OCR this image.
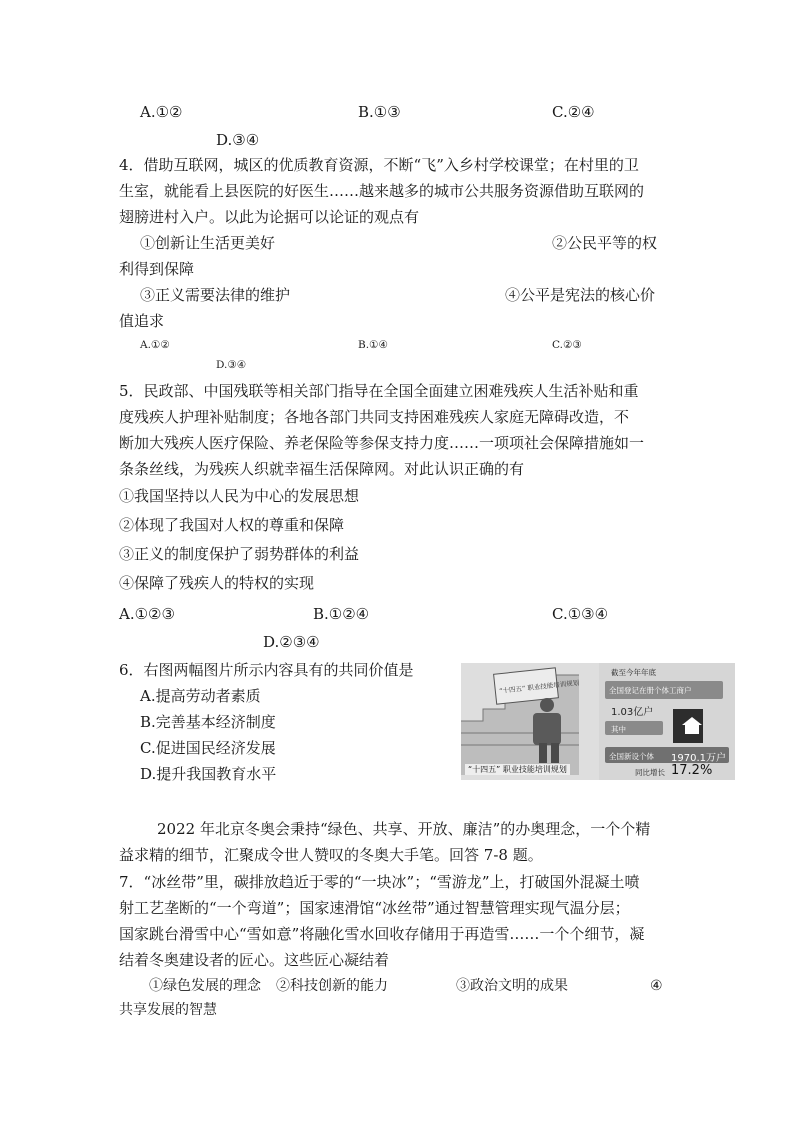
A.①②	B.①③	C.②④
D.③④
4．借助互联网，城区的优质教育资源，不断“飞”入乡村学校课堂；在村里的卫
生室，就能看上县医院的好医生……越来越多的城市公共服务资源借助互联网的
翅膀进村入户。以此为论据可以论证的观点有
①创新让生活更美好	②公民平等的权
利得到保障
③正义需要法律的维护	④公平是宪法的核心价
值追求
A.①②	B.①④	C.②③
D.③④
5．民政部、中国残联等相关部门指导在全国全面建立困难残疾人生活补贴和重
度残疾人护理补贴制度；各地各部门共同支持困难残疾人家庭无障碍改造，不
断加大残疾人医疗保险、养老保险等参保支持力度……一项项社会保障措施如一
条条丝线，为残疾人织就幸福生活保障网。对此认识正确的有
①我国坚持以人民为中心的发展思想
②体现了我国对人权的尊重和保障
③正义的制度保护了弱势群体的利益
④保障了残疾人的特权的实现
A.①②③	B.①②④	C.①③④
D.②③④
6．右图两幅图片所示内容具有的共同价值是
A.提高劳动者素质
B.完善基本经济制度
C.促进国民经济发展
D.提升我国教育水平
“十四五” 职业技能培训规划
截至今年年底
全国登记在册个体工商户
1.03亿户
其中
全国新设个体 1970.1万户
同比增长 17.2%
“十四五” 职业技能培训规划
2022 年北京冬奥会秉持“绿色、共享、开放、廉洁”的办奥理念，一个个精
益求精的细节，汇聚成令世人赞叹的冬奥大手笔。回答 7-8 题。
7．“冰丝带”里，碳排放趋近于零的“一块冰”；“雪游龙”上，打破国外混凝土喷
射工艺垄断的“一个弯道”；国家速滑馆“冰丝带”通过智慧管理实现气温分层；
国家跳台滑雪中心“雪如意”将融化雪水回收存储用于再造雪……一个个细节，凝
结着冬奥建设者的匠心。这些匠心凝结着
①绿色发展的理念 ②科技创新的能力	③政治文明的成果	④
共享发展的智慧
